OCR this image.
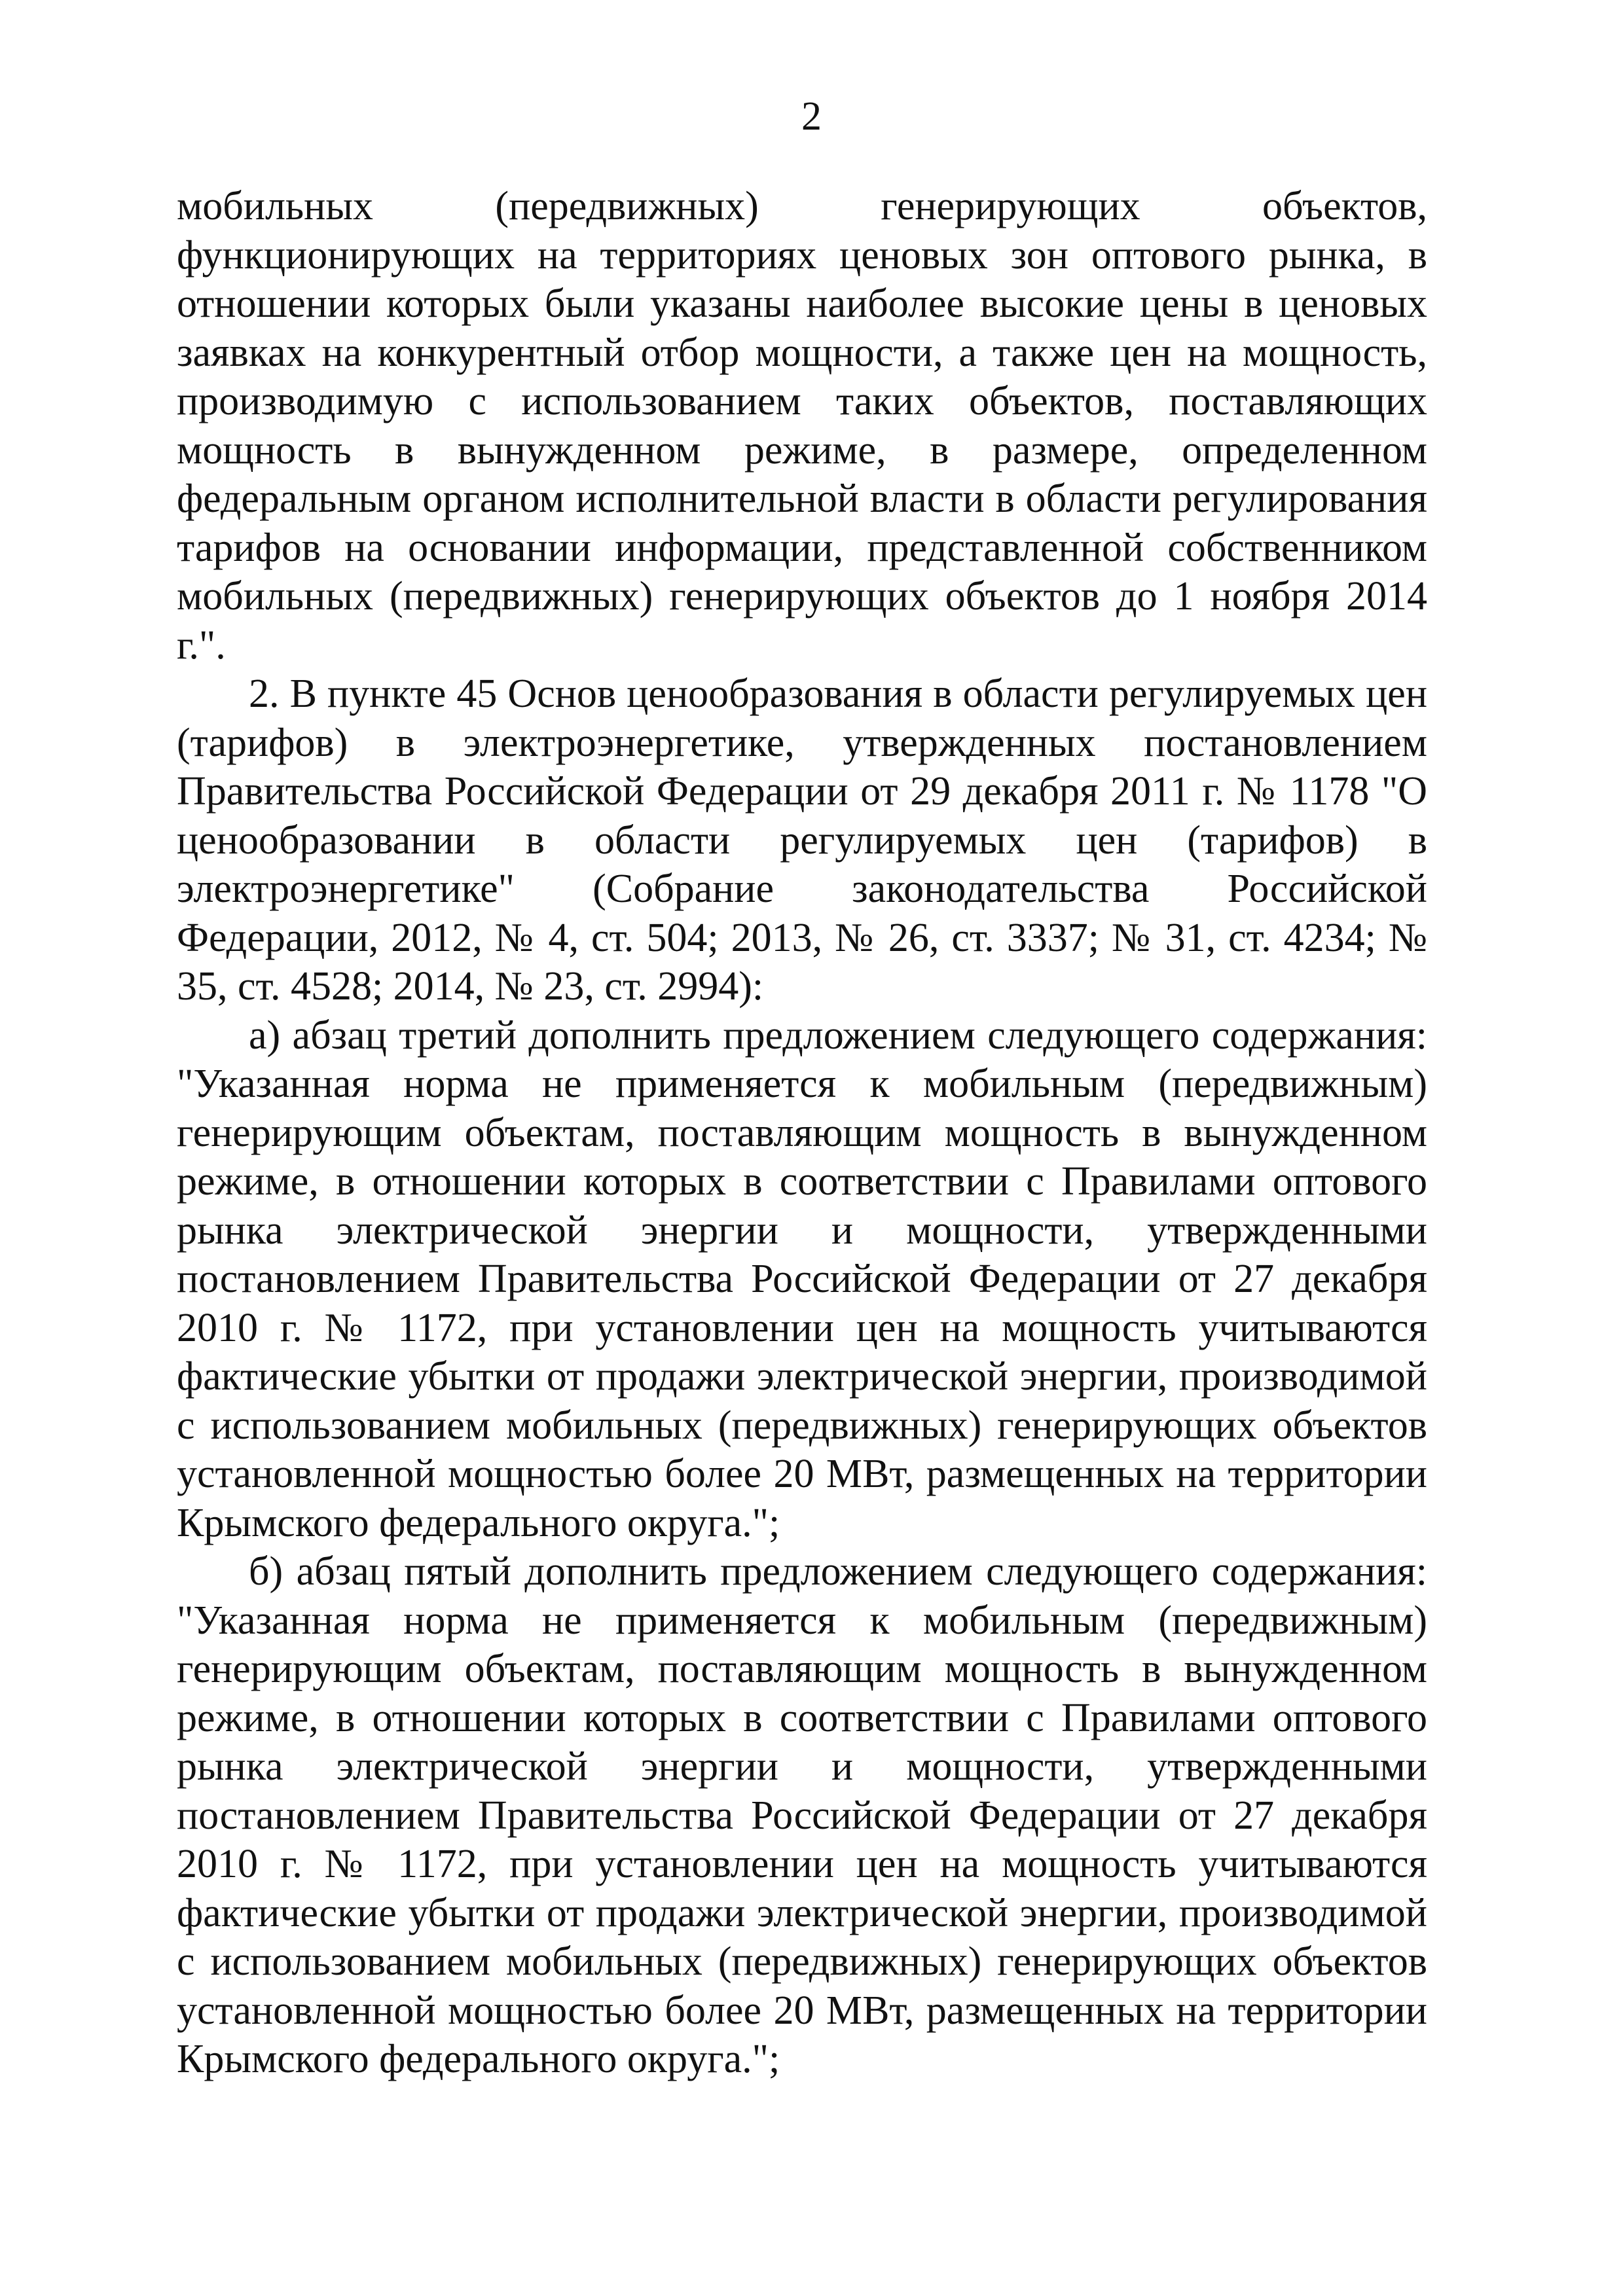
2

мобильных (передвижных) генерирующих объектов, функционирующих на территориях ценовых зон оптового рынка, в отношении которых были указаны наиболее высокие цены в ценовых заявках на конкурентный отбор мощности, а также цен на мощность, производимую с использованием таких объектов, поставляющих мощность в вынужденном режиме, в размере, определенном федеральным органом исполнительной власти в области регулирования тарифов на основании информации, представленной собственником мобильных (передвижных) генерирующих объектов до 1 ноября 2014 г.".

2. В пункте 45 Основ ценообразования в области регулируемых цен (тарифов) в электроэнергетике, утвержденных постановлением Правительства Российской Федерации от 29 декабря 2011 г. № 1178 "О ценообразовании в области регулируемых цен (тарифов) в электроэнергетике" (Собрание законодательства Российской Федерации, 2012, № 4, ст. 504; 2013, № 26, ст. 3337; № 31, ст. 4234; № 35, ст. 4528; 2014, № 23, ст. 2994):

а) абзац третий дополнить предложением следующего содержания: "Указанная норма не применяется к мобильным (передвижным) генерирующим объектам, поставляющим мощность в вынужденном режиме, в отношении которых в соответствии с Правилами оптового рынка электрической энергии и мощности, утвержденными постановлением Правительства Российской Федерации от 27 декабря 2010 г. № 1172, при установлении цен на мощность учитываются фактические убытки от продажи электрической энергии, производимой с использованием мобильных (передвижных) генерирующих объектов установленной мощностью более 20 МВт, размещенных на территории Крымского федерального округа.";

б) абзац пятый дополнить предложением следующего содержания: "Указанная норма не применяется к мобильным (передвижным) генерирующим объектам, поставляющим мощность в вынужденном режиме, в отношении которых в соответствии с Правилами оптового рынка электрической энергии и мощности, утвержденными постановлением Правительства Российской Федерации от 27 декабря 2010 г. № 1172, при установлении цен на мощность учитываются фактические убытки от продажи электрической энергии, производимой с использованием мобильных (передвижных) генерирующих объектов установленной мощностью более 20 МВт, размещенных на территории Крымского федерального округа.";
